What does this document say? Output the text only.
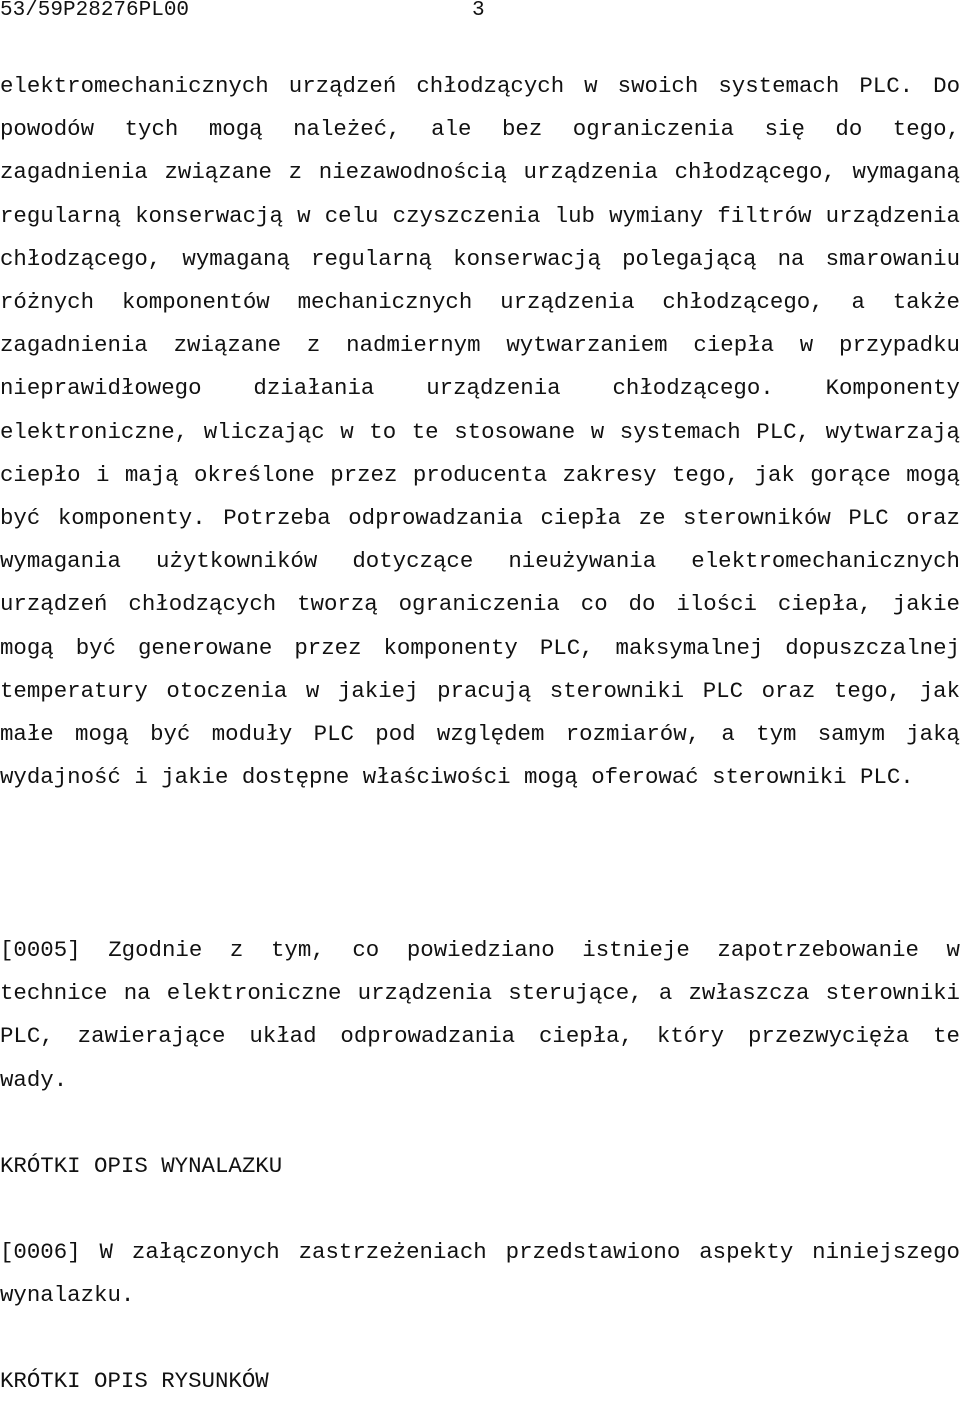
53/59P28276PL00

	3

elektromechanicznych urządzeń chłodzących w swoich systemach PLC. Do powodów tych mogą należeć, ale bez ograniczenia się do tego, zagadnienia związane z niezawodnością urządzenia chłodzącego, wymaganą regularną konserwacją w celu czyszczenia lub wymiany filtrów urządzenia chłodzącego, wymaganą regularną konserwacją polegającą na smarowaniu różnych komponentów mechanicznych urządzenia chłodzącego, a także zagadnienia związane z nadmiernym wytwarzaniem ciepła w przypadku nieprawidłowego działania urządzenia chłodzącego. Komponenty elektroniczne, wliczając w to te stosowane w systemach PLC, wytwarzają ciepło i mają określone przez producenta zakresy tego, jak gorące mogą być komponenty. Potrzeba odprowadzania ciepła ze sterowników PLC oraz wymagania użytkowników dotyczące nieużywania elektromechanicznych urządzeń chłodzących tworzą ograniczenia co do ilości ciepła, jakie mogą być generowane przez komponenty PLC, maksymalnej dopuszczalnej temperatury otoczenia w jakiej pracują sterowniki PLC oraz tego, jak małe mogą być moduły PLC pod względem rozmiarów, a tym samym jaką wydajność i jakie dostępne właściwości mogą oferować sterowniki PLC.
[0005] Zgodnie z tym, co powiedziano istnieje zapotrzebowanie w technice na elektroniczne urządzenia sterujące, a zwłaszcza sterowniki PLC, zawierające układ odprowadzania ciepła, który przezwycięża te wady.
KRÓTKI OPIS WYNALAZKU
[0006] W załączonych zastrzeżeniach przedstawiono aspekty niniejszego wynalazku.
KRÓTKI OPIS RYSUNKÓW
